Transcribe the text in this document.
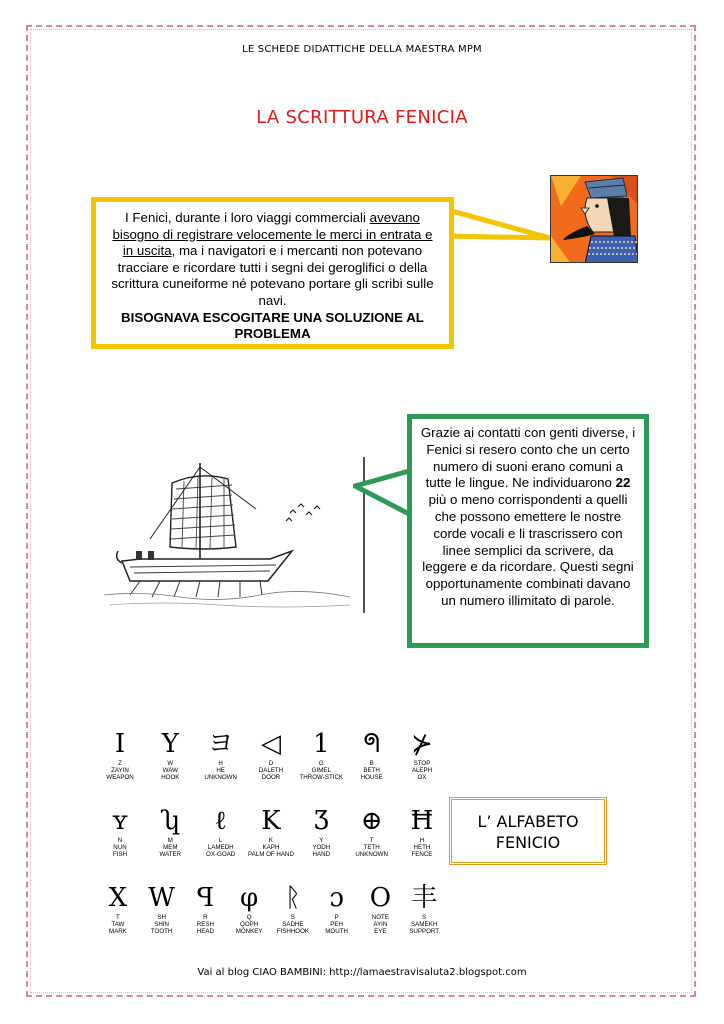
LE SCHEDE DIDATTICHE DELLA MAESTRA MPM
LA SCRITTURA FENICIA
I Fenici, durante i loro viaggi commerciali avevano bisogno di registrare velocemente le merci in entrata e in uscita, ma i navigatori e i mercanti non potevano tracciare e ricordare tutti i segni dei geroglifici o della scrittura cuneiforme né potevano portare gli scribi sulle navi.
BISOGNAVA ESCOGITARE UNA SOLUZIONE AL PROBLEMA
Grazie ai contatti con genti diverse, i Fenici si resero conto che un certo numero di suoni erano comuni a tutte le lingue. Ne individuarono 22 più o meno corrispondenti a quelli che possono emettere le nostre corde vocali e li trascrissero con linee semplici da scrivere, da leggere e da ricordare. Questi segni opportunamente combinati davano un numero illimitato di parole.
I
Z
ZAYIN
WEAPON
Y
W
WAW
HOOK
ヨ
H
HE
UNKNOWN
◁
D
DALETH
DOOR
1
G
GIMEL
THROW-STICK
ᖗ
B
BETH
HOUSE
⊁
STOP
ALEPH
OX
ʏ
N
NUN
FISH
ʮ
M
MEM
WATER
ℓ
L
LAMEDH
OX-GOAD
K
K
KAPH
PALM OF HAND
Ʒ
Y
YODH
HAND
⊕
T
TETH
UNKNOWN
Ħ
H
HETH
FENCE
X
T
TAW
MARK
W
SH
SHIN
TOOTH
ꟼ
R
RESH
HEAD
φ
Q
QOPH
MONKEY
ᚱ
S
SADHE
FISHHOOK
ɔ
P
PEH
MOUTH
O
NOTE
AYIN
EYE
丰
S
SAMEKH
SUPPORT
L’ ALFABETO
FENICIO
Vai al blog CIAO BAMBINI: http://lamaestravisaluta2.blogspot.com
